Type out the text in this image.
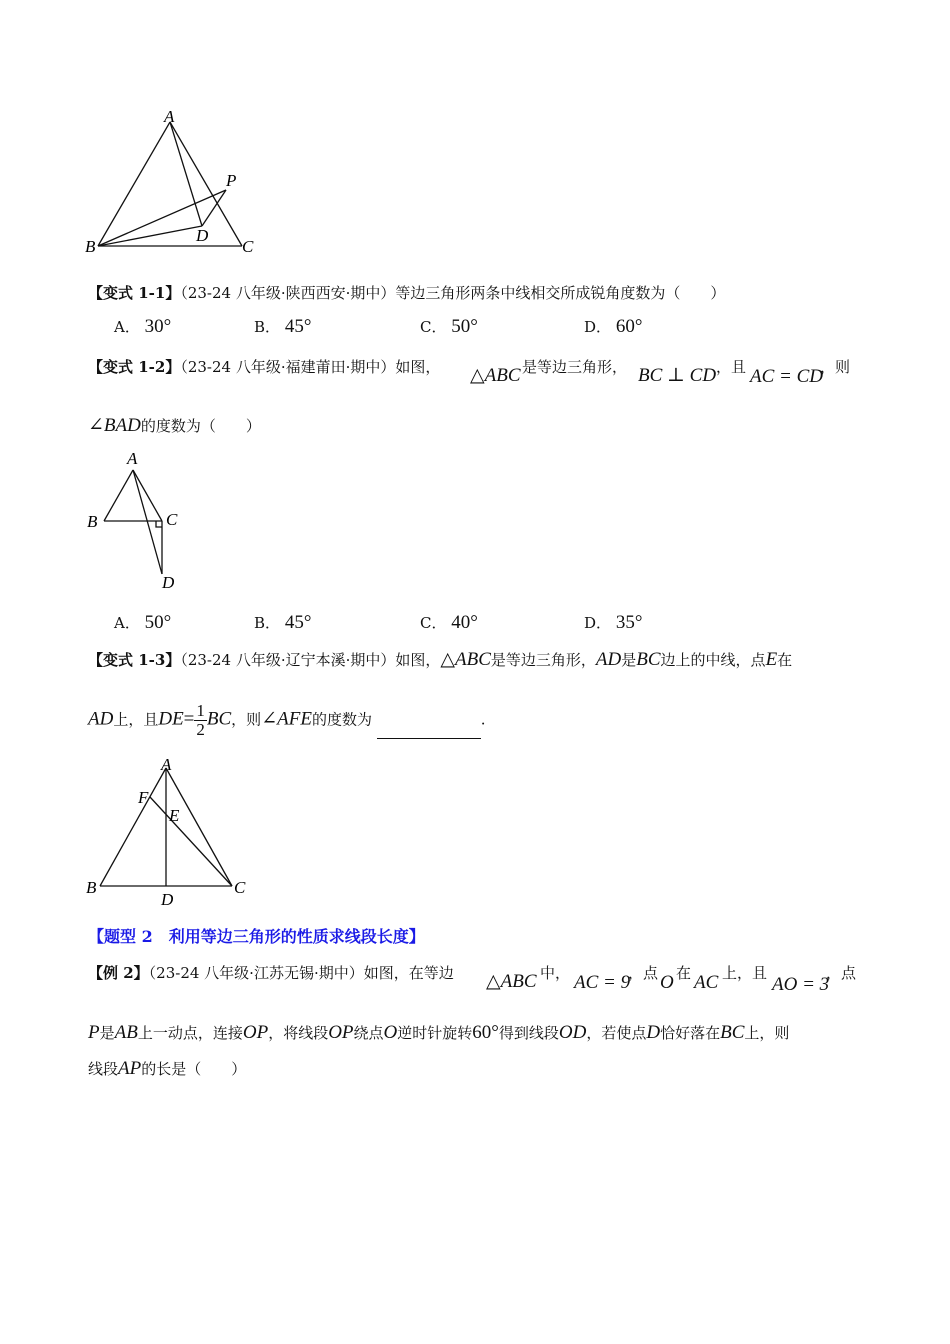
A
B	C
D
P
【变式 1-1】（23-24 八年级·陕西西安·期中）等边三角形两条中线相交所成锐角度数为（　　）
A． 30°	B． 45°	C． 50°	D． 60°
【变式 1-2】（23-24 八年级·福建莆田·期中）如图， △ABC 是等边三角形， BC ⊥ CD ，且 AC = CD
，则
∠BAD的度数为（　　）
A
B	C
D
A． 50°	B． 45°	C． 40°	D． 35°
【变式 1-3】（23-24 八年级·辽宁本溪·期中）如图，△ABC是等边三角形，AD是BC边上的中线，点E在
AD上，且$DE= \frac{1}{2}$ BC，则∠AFE的度数为	.
A
B	C
D
E
F
【题型 2　利用等边三角形的性质求线段长度】
【例 2】（23-24 八年级·江苏无锡·期中）如图，在等边 △ABC 中， AC = 9
，点 O 在 AC 上，且
AO = 3
，点
P是AB上一动点，连接OP，将线段OP绕点O逆时针旋转60°得到线段OD，若使点D恰好落在BC上，则
线段AP的长是（　　）
